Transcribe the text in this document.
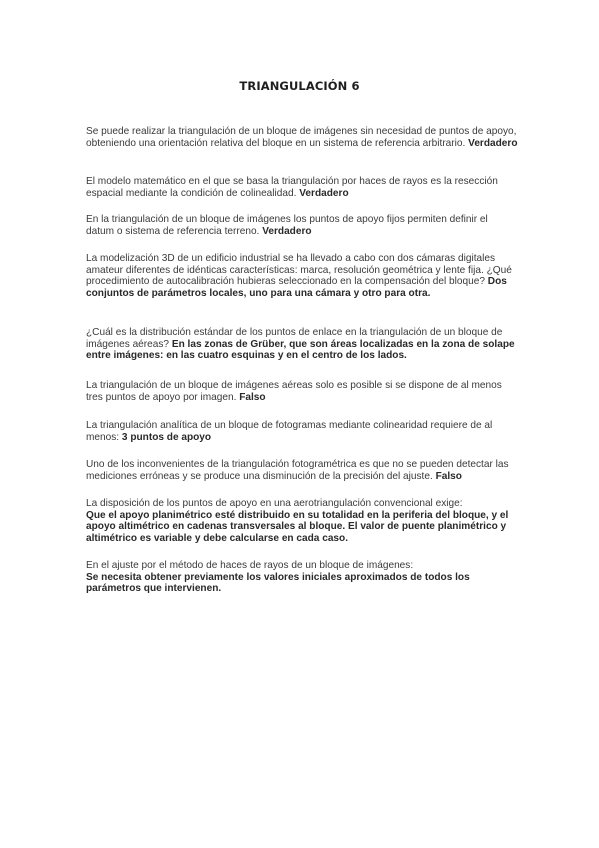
TRIANGULACIÓN 6

Se puede realizar la triangulación de un bloque de imágenes sin necesidad de puntos de apoyo, obteniendo una orientación relativa del bloque en un sistema de referencia arbitrario. Verdadero

El modelo matemático en el que se basa la triangulación por haces de rayos es la resección espacial mediante la condición de colinealidad. Verdadero

En la triangulación de un bloque de imágenes los puntos de apoyo fijos permiten definir el datum o sistema de referencia terreno. Verdadero

La modelización 3D de un edificio industrial se ha llevado a cabo con dos cámaras digitales amateur diferentes de idénticas características: marca, resolución geométrica y lente fija. ¿Qué procedimiento de autocalibración hubieras seleccionado en la compensación del bloque? Dos conjuntos de parámetros locales, uno para una cámara y otro para otra.

¿Cuál es la distribución estándar de los puntos de enlace en la triangulación de un bloque de imágenes aéreas? En las zonas de Grüber, que son áreas localizadas en la zona de solape entre imágenes: en las cuatro esquinas y en el centro de los lados.

La triangulación de un bloque de imágenes aéreas solo es posible si se dispone de al menos tres puntos de apoyo por imagen. Falso

La triangulación analítica de un bloque de fotogramas mediante colinearidad requiere de al menos: 3 puntos de apoyo

Uno de los inconvenientes de la triangulación fotogramétrica es que no se pueden detectar las mediciones erróneas y se produce una disminución de la precisión del ajuste. Falso

La disposición de los puntos de apoyo en una aerotriangulación convencional exige:
Que el apoyo planimétrico esté distribuido en su totalidad en la periferia del bloque, y el apoyo altimétrico en cadenas transversales al bloque. El valor de puente planimétrico y altimétrico es variable y debe calcularse en cada caso.

En el ajuste por el método de haces de rayos de un bloque de imágenes:
Se necesita obtener previamente los valores iniciales aproximados de todos los parámetros que intervienen.
